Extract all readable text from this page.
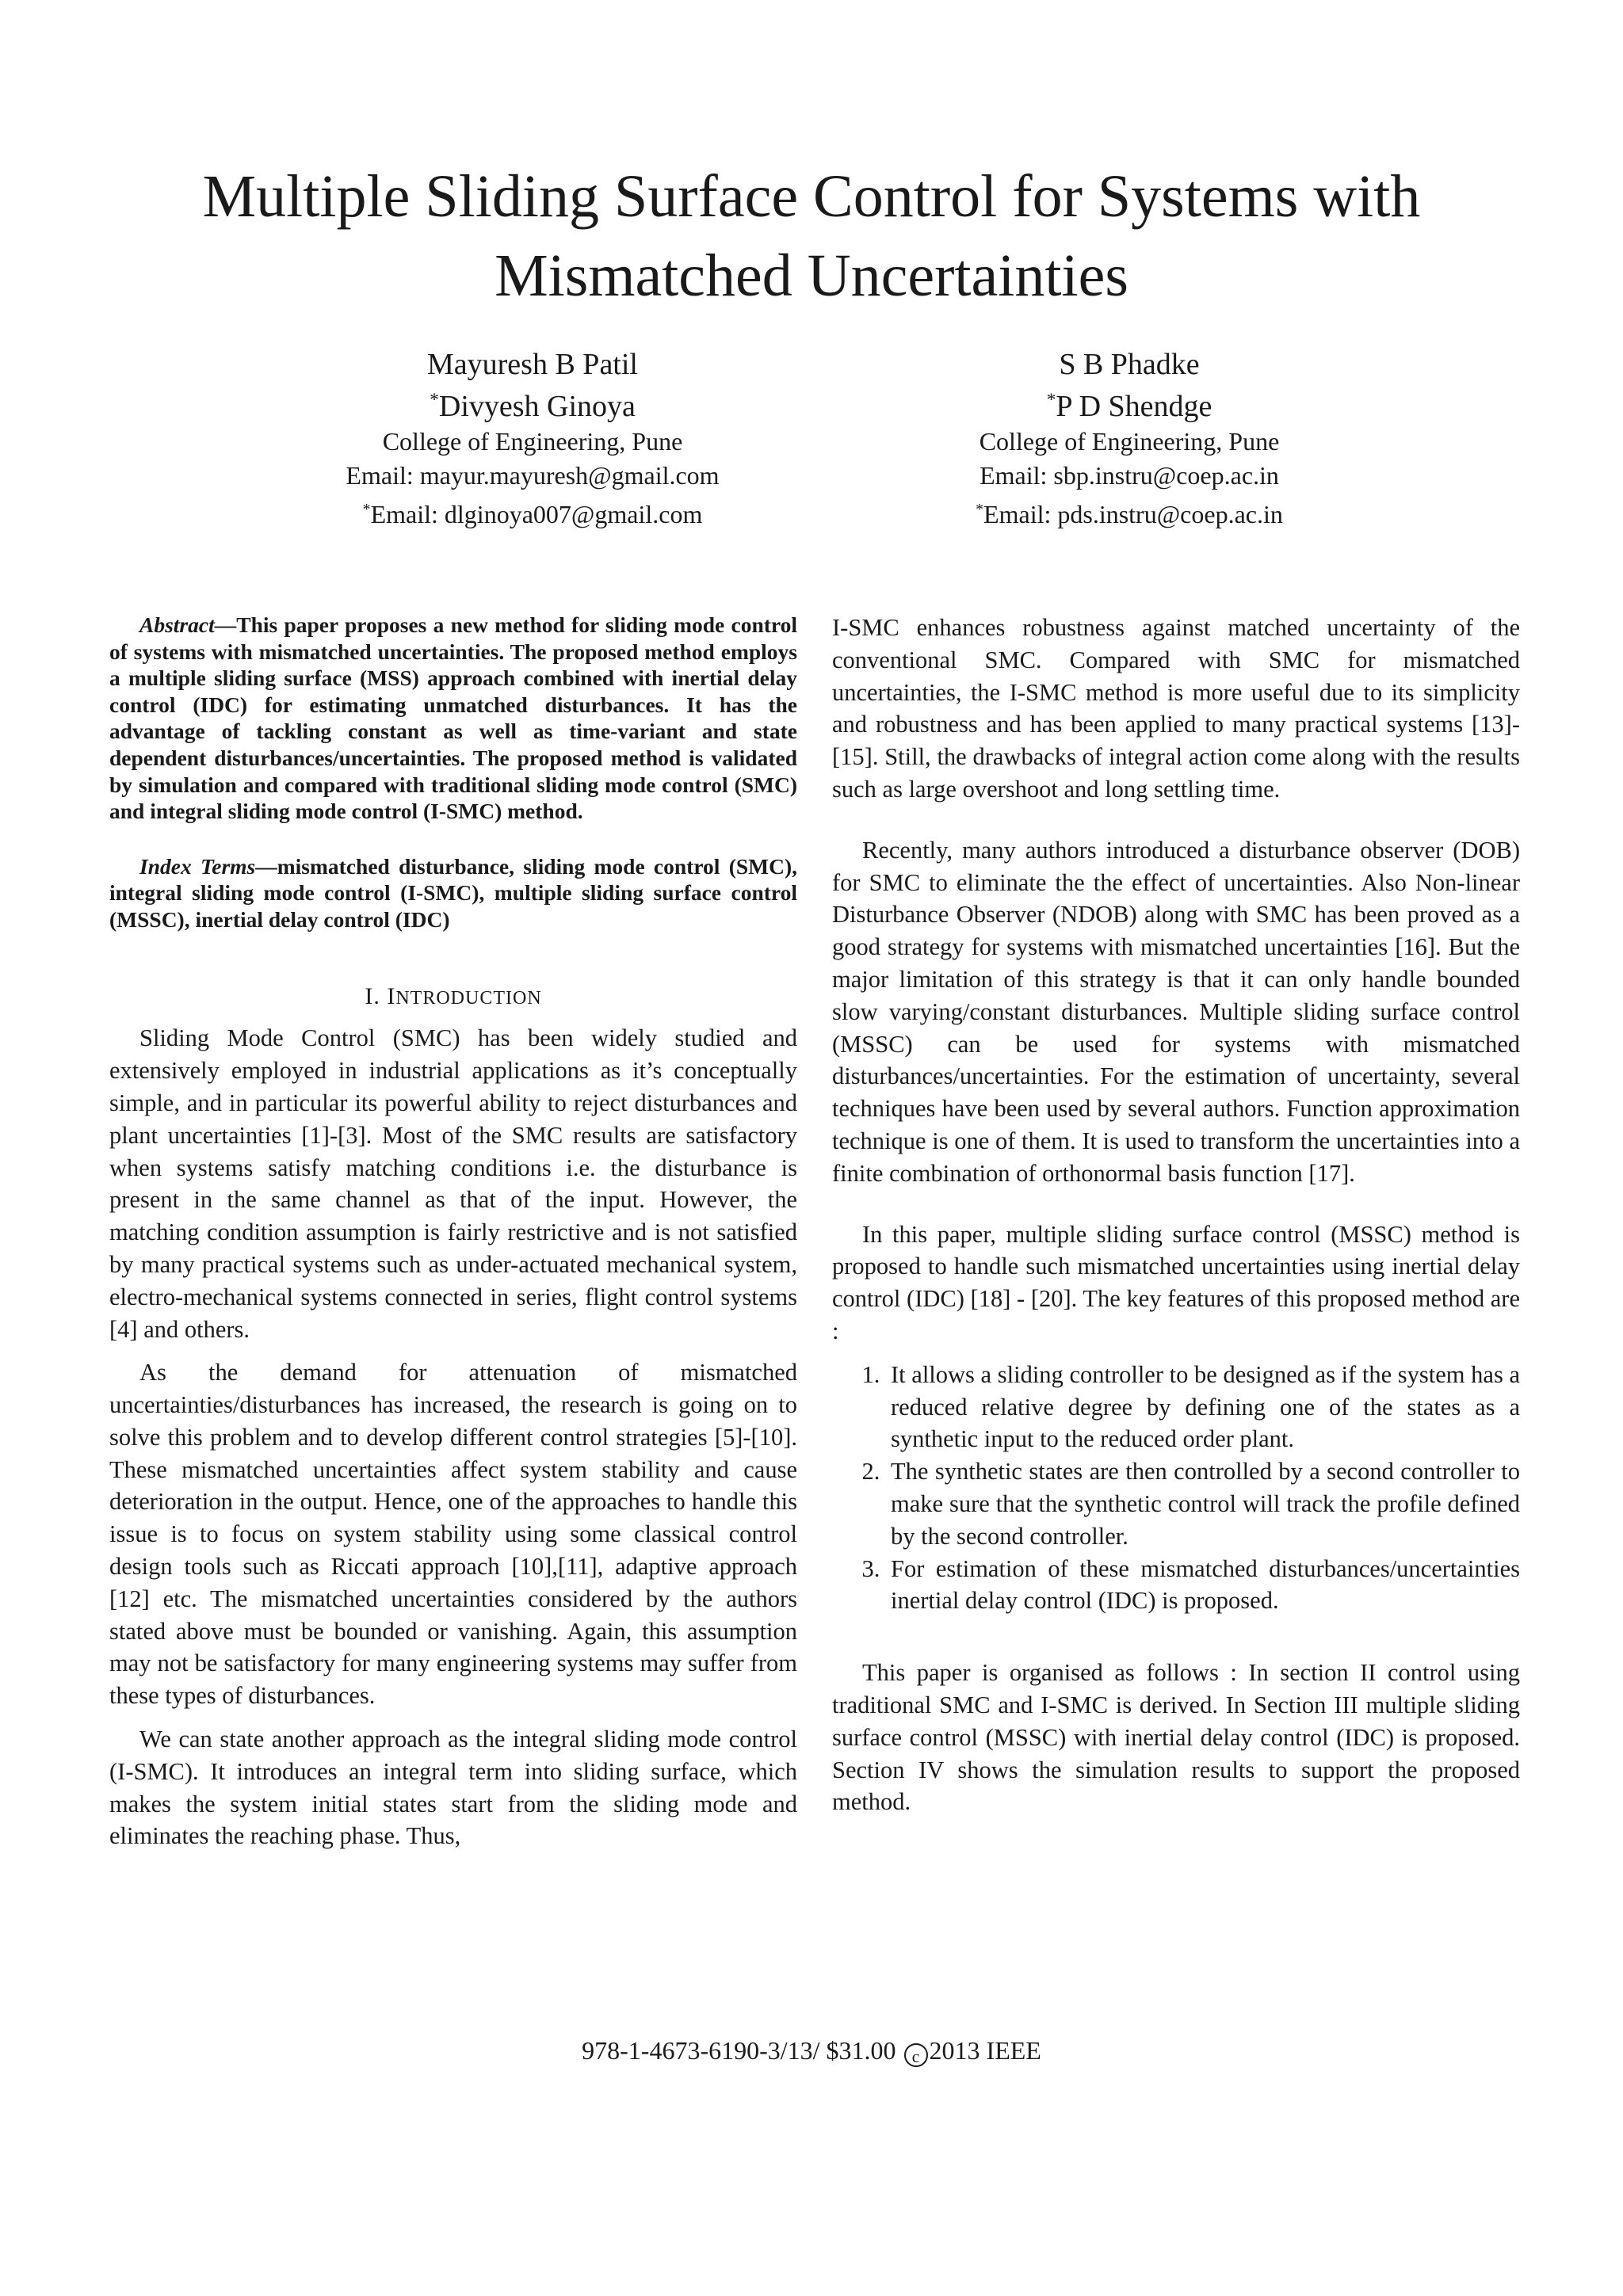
Multiple Sliding Surface Control for Systems with Mismatched Uncertainties
Mayuresh B Patil
*Divyesh Ginoya
College of Engineering, Pune
Email: mayur.mayuresh@gmail.com
*Email: dlginoya007@gmail.com
S B Phadke
*P D Shendge
College of Engineering, Pune
Email: sbp.instru@coep.ac.in
*Email: pds.instru@coep.ac.in

Abstract—This paper proposes a new method for sliding mode control of systems with mismatched uncertainties. The proposed method employs a multiple sliding surface (MSS) approach combined with inertial delay control (IDC) for estimating unmatched disturbances. It has the advantage of tackling constant as well as time-variant and state dependent disturbances/uncertainties. The proposed method is validated by simulation and compared with traditional sliding mode control (SMC) and integral sliding mode control (I-SMC) method.

Index Terms—mismatched disturbance, sliding mode control (SMC), integral sliding mode control (I-SMC), multiple sliding surface control (MSSC), inertial delay control (IDC)

I. INTRODUCTION

Sliding Mode Control (SMC) has been widely studied and extensively employed in industrial applications as it’s conceptually simple, and in particular its powerful ability to reject disturbances and plant uncertainties [1]-[3]. Most of the SMC results are satisfactory when systems satisfy matching conditions i.e. the disturbance is present in the same channel as that of the input. However, the matching condition assumption is fairly restrictive and is not satisfied by many practical systems such as under-actuated mechanical system, electro-mechanical systems connected in series, flight control systems [4] and others.

As the demand for attenuation of mismatched uncertainties/disturbances has increased, the research is going on to solve this problem and to develop different control strategies [5]-[10]. These mismatched uncertainties affect system stability and cause deterioration in the output. Hence, one of the approaches to handle this issue is to focus on system stability using some classical control design tools such as Riccati approach [10],[11], adaptive approach [12] etc. The mismatched uncertainties considered by the authors stated above must be bounded or vanishing. Again, this assumption may not be satisfactory for many engineering systems may suffer from these types of disturbances.

We can state another approach as the integral sliding mode control (I-SMC). It introduces an integral term into sliding surface, which makes the system initial states start from the sliding mode and eliminates the reaching phase. Thus,

I-SMC enhances robustness against matched uncertainty of the conventional SMC. Compared with SMC for mismatched uncertainties, the I-SMC method is more useful due to its simplicity and robustness and has been applied to many practical systems [13]-[15]. Still, the drawbacks of integral action come along with the results such as large overshoot and long settling time.

Recently, many authors introduced a disturbance observer (DOB) for SMC to eliminate the the effect of uncertainties. Also Non-linear Disturbance Observer (NDOB) along with SMC has been proved as a good strategy for systems with mismatched uncertainties [16]. But the major limitation of this strategy is that it can only handle bounded slow varying/constant disturbances. Multiple sliding surface control (MSSC) can be used for systems with mismatched disturbances/uncertainties. For the estimation of uncertainty, several techniques have been used by several authors. Function approximation technique is one of them. It is used to transform the uncertainties into a finite combination of orthonormal basis function [17].

In this paper, multiple sliding surface control (MSSC) method is proposed to handle such mismatched uncertainties using inertial delay control (IDC) [18] - [20]. The key features of this proposed method are :

1. It allows a sliding controller to be designed as if the system has a reduced relative degree by defining one of the states as a synthetic input to the reduced order plant.
2. The synthetic states are then controlled by a second controller to make sure that the synthetic control will track the profile defined by the second controller.
3. For estimation of these mismatched disturbances/uncertainties inertial delay control (IDC) is proposed.

This paper is organised as follows : In section II control using traditional SMC and I-SMC is derived. In Section III multiple sliding surface control (MSSC) with inertial delay control (IDC) is proposed. Section IV shows the simulation results to support the proposed method.

978-1-4673-6190-3/13/ $31.00 c 2013 IEEE
